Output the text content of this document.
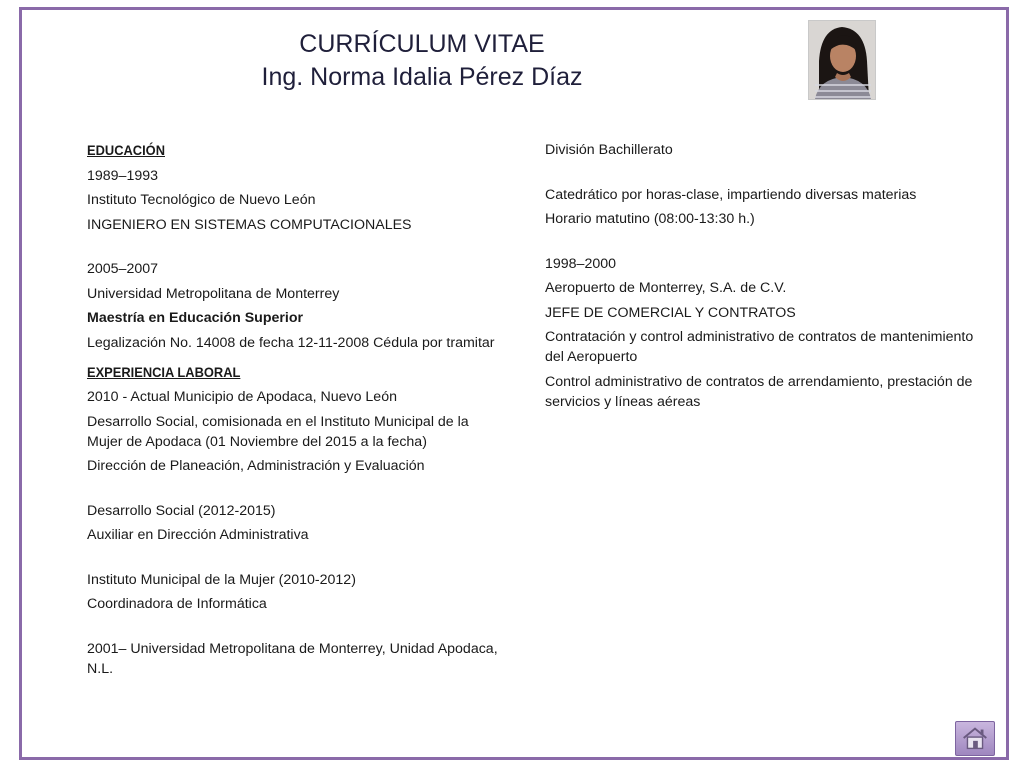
CURRÍCULUM VITAE
Ing. Norma Idalia Pérez Díaz

EDUCACIÓN

1989–1993

Instituto Tecnológico de Nuevo León

INGENIERO EN SISTEMAS COMPUTACIONALES

2005–2007

Universidad Metropolitana de Monterrey

Maestría en Educación Superior

Legalización No. 14008 de fecha 12-11-2008 Cédula por tramitar

EXPERIENCIA LABORAL

2010 - Actual Municipio de Apodaca, Nuevo León

Desarrollo Social, comisionada en el Instituto Municipal de la Mujer de Apodaca (01 Noviembre del 2015 a la fecha)

Dirección de Planeación, Administración y Evaluación

Desarrollo Social (2012-2015)

Auxiliar en Dirección Administrativa

Instituto Municipal de la Mujer (2010-2012)

Coordinadora de Informática

2001– Universidad Metropolitana de Monterrey, Unidad Apodaca, N.L.

División Bachillerato

Catedrático por horas-clase, impartiendo diversas materias

Horario matutino (08:00-13:30 h.)

1998–2000

Aeropuerto de Monterrey, S.A. de C.V.

JEFE DE COMERCIAL Y CONTRATOS

Contratación y control administrativo de contratos de mantenimiento del Aeropuerto

Control administrativo de contratos de arrendamiento, prestación de servicios y líneas aéreas
